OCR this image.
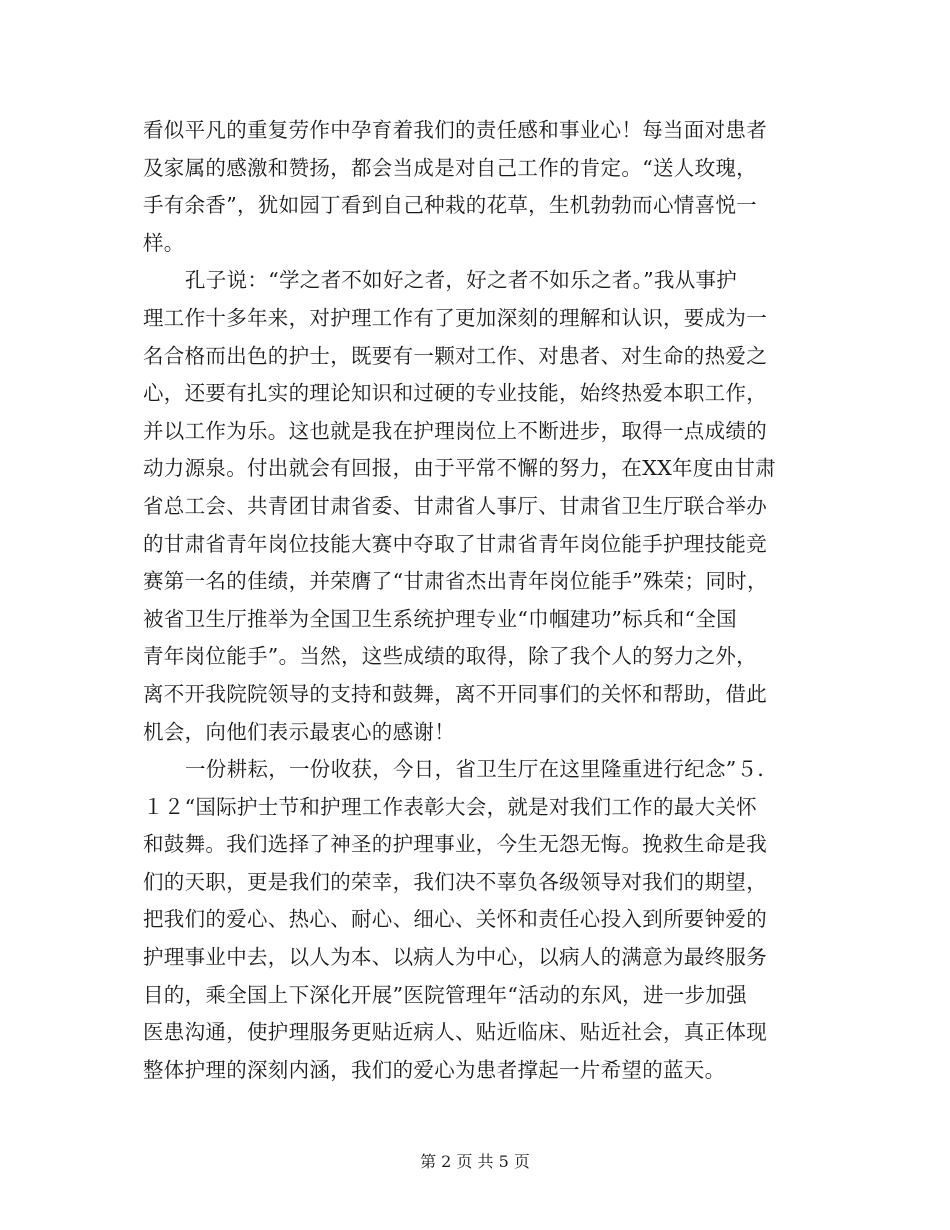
看似平凡的重复劳作中孕育着我们的责任感和事业心！每当面对患者
及家属的感激和赞扬，都会当成是对自己工作的肯定。“送人玫瑰，
手有余香”，犹如园丁看到自己种栽的花草，生机勃勃而心情喜悦一
样。
孔子说：“学之者不如好之者，好之者不如乐之者。”我从事护
理工作十多年来，对护理工作有了更加深刻的理解和认识，要成为一
名合格而出色的护士，既要有一颗对工作、对患者、对生命的热爱之
心，还要有扎实的理论知识和过硬的专业技能，始终热爱本职工作，
并以工作为乐。这也就是我在护理岗位上不断进步，取得一点成绩的
动力源泉。付出就会有回报，由于平常不懈的努力，在XX年度由甘肃
省总工会、共青团甘肃省委、甘肃省人事厅、甘肃省卫生厅联合举办
的甘肃省青年岗位技能大赛中夺取了甘肃省青年岗位能手护理技能竞
赛第一名的佳绩，并荣膺了“甘肃省杰出青年岗位能手”殊荣；同时，
被省卫生厅推举为全国卫生系统护理专业“巾帼建功”标兵和“全国
青年岗位能手”。当然，这些成绩的取得，除了我个人的努力之外，
离不开我院院领导的支持和鼓舞，离不开同事们的关怀和帮助，借此
机会，向他们表示最衷心的感谢！
一份耕耘，一份收获，今日，省卫生厅在这里隆重进行纪念”５．
１２“国际护士节和护理工作表彰大会，就是对我们工作的最大关怀
和鼓舞。我们选择了神圣的护理事业，今生无怨无悔。挽救生命是我
们的天职，更是我们的荣幸，我们决不辜负各级领导对我们的期望，
把我们的爱心、热心、耐心、细心、关怀和责任心投入到所要钟爱的
护理事业中去，以人为本、以病人为中心，以病人的满意为最终服务
目的，乘全国上下深化开展”医院管理年“活动的东风，进一步加强
医患沟通，使护理服务更贴近病人、贴近临床、贴近社会，真正体现
整体护理的深刻内涵，我们的爱心为患者撑起一片希望的蓝天。
第 2 页 共 5 页
